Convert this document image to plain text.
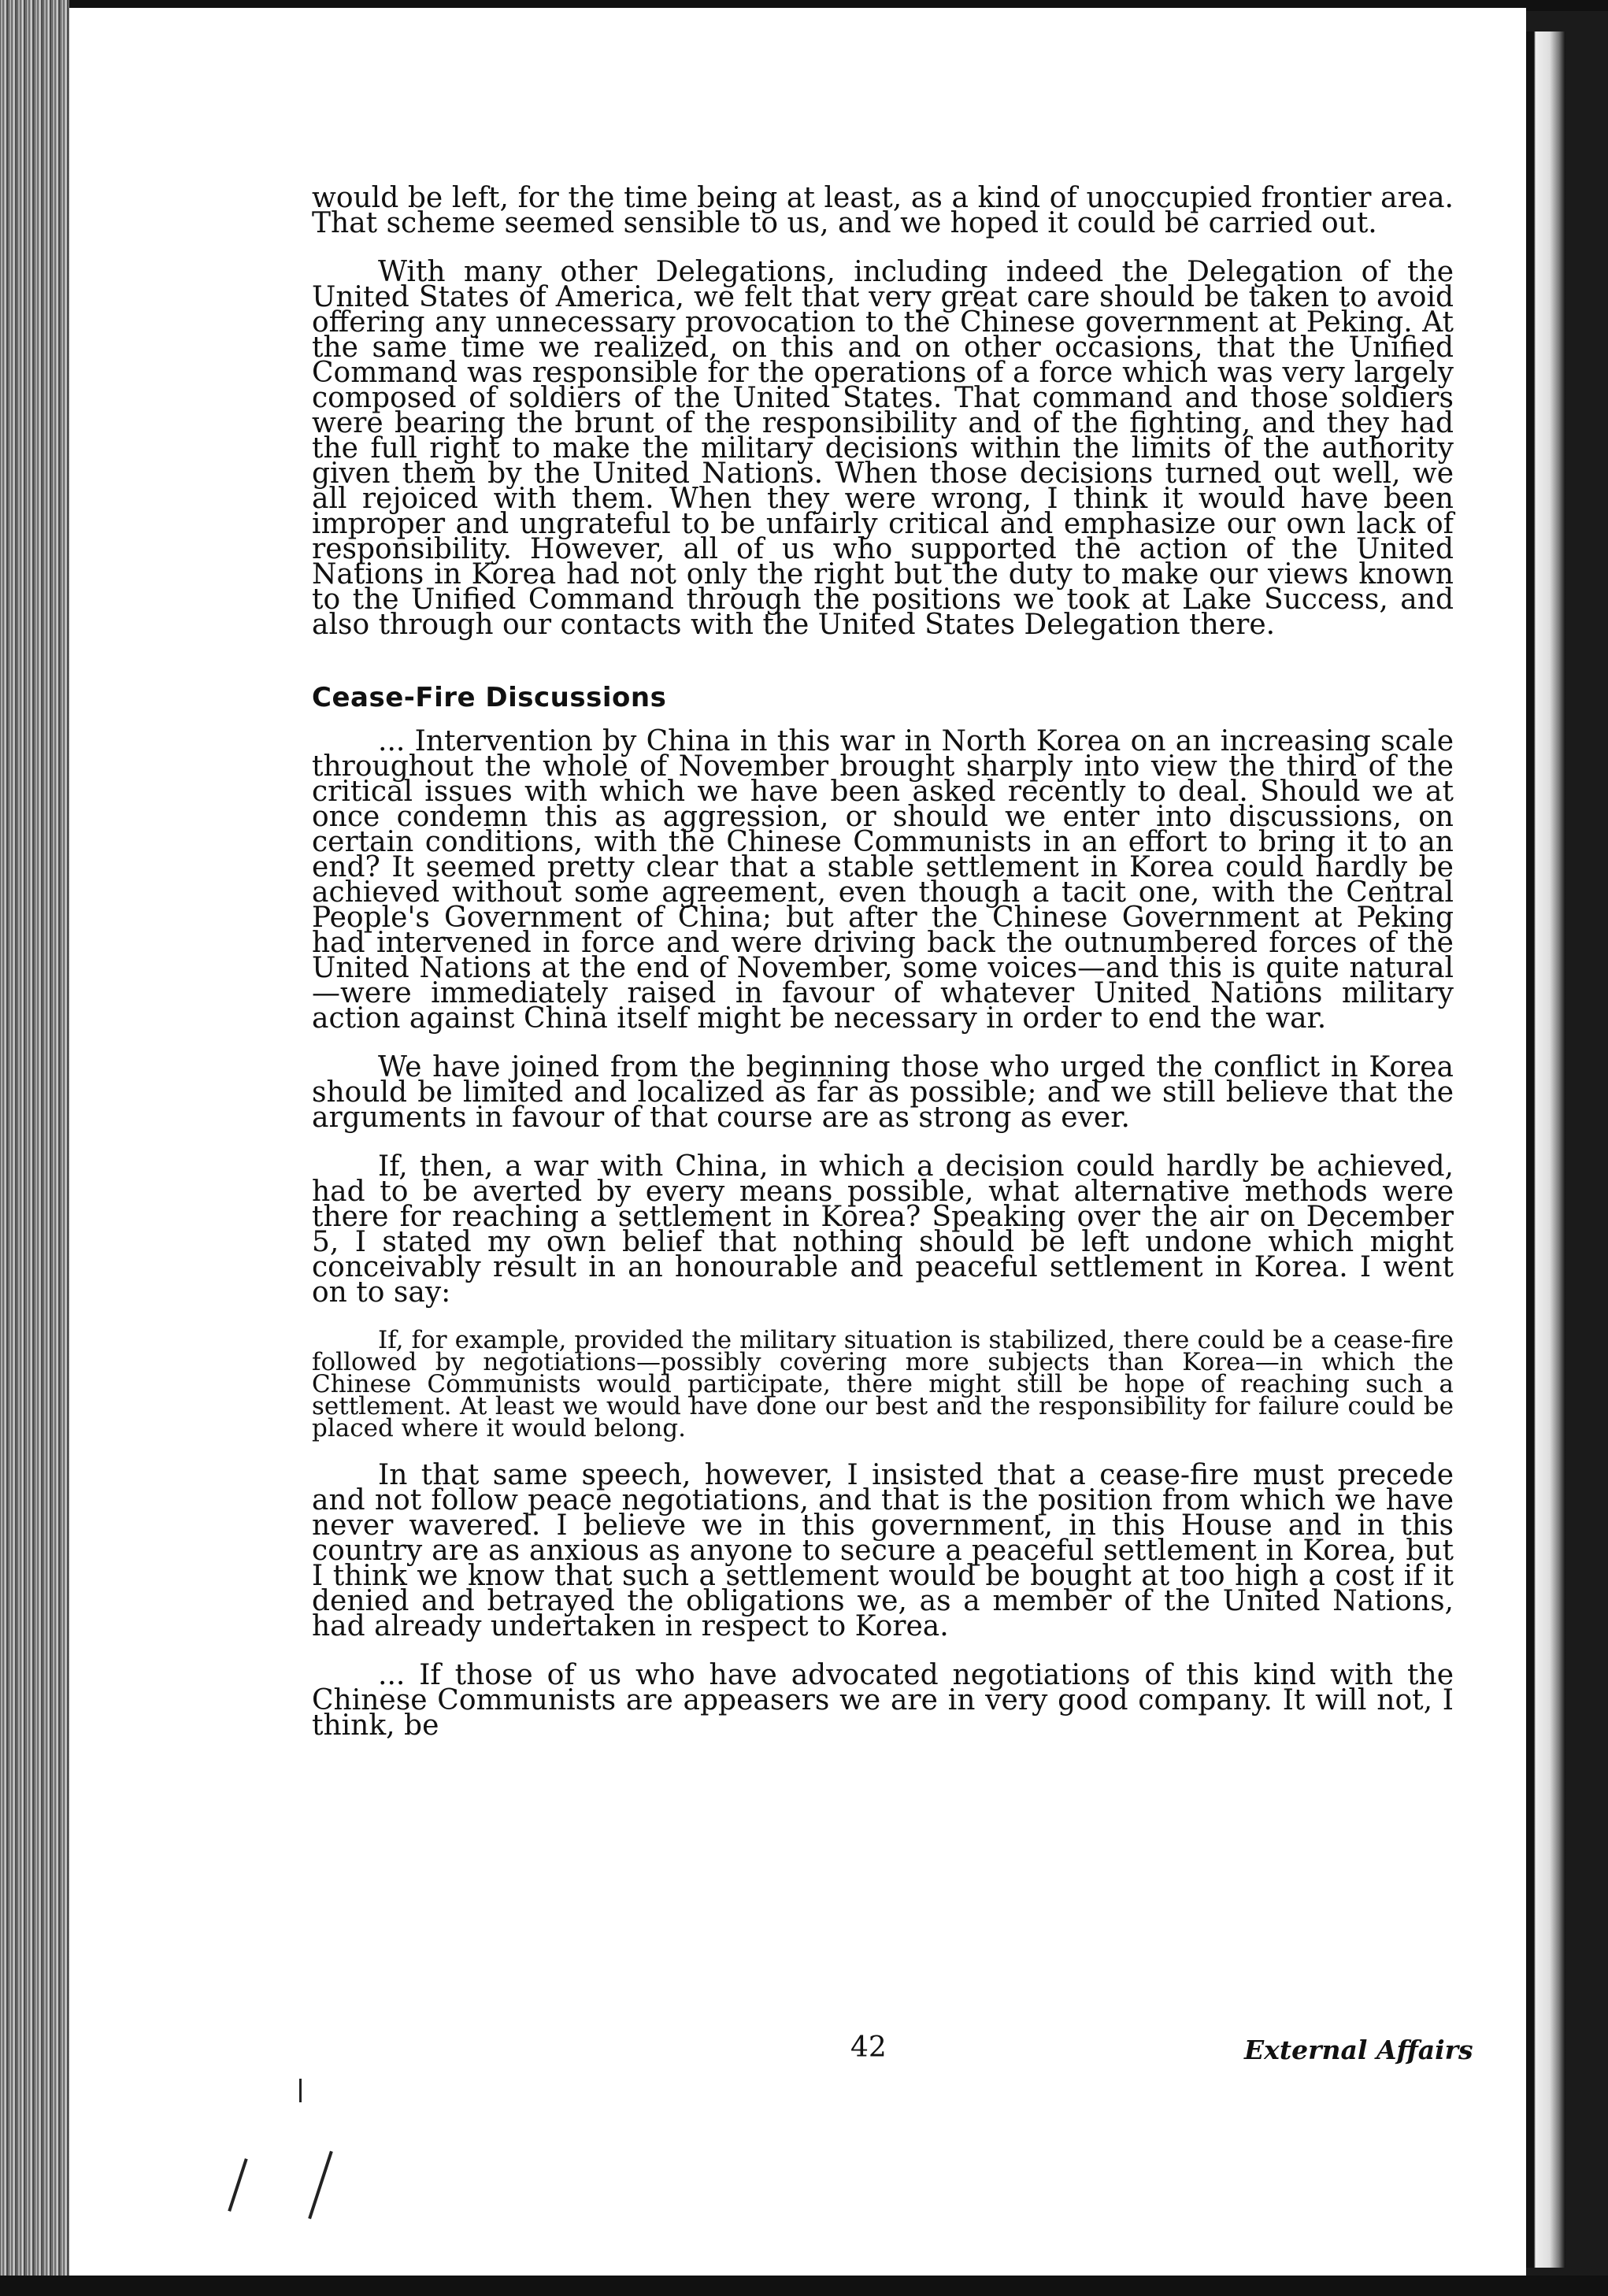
would be left, for the time being at least, as a kind of unoccupied frontier area. That scheme seemed sensible to us, and we hoped it could be carried out.

With many other Delegations, including indeed the Delegation of the United States of America, we felt that very great care should be taken to avoid offering any unnecessary provocation to the Chinese government at Peking. At the same time we realized, on this and on other occasions, that the Unified Command was responsible for the operations of a force which was very largely composed of soldiers of the United States. That command and those soldiers were bearing the brunt of the responsibility and of the fighting, and they had the full right to make the military decisions within the limits of the authority given them by the United Nations. When those decisions turned out well, we all rejoiced with them. When they were wrong, I think it would have been improper and ungrateful to be unfairly critical and emphasize our own lack of responsibility. However, all of us who supported the action of the United Nations in Korea had not only the right but the duty to make our views known to the Unified Command through the positions we took at Lake Success, and also through our contacts with the United States Delegation there.

Cease-Fire Discussions

... Intervention by China in this war in North Korea on an increasing scale throughout the whole of November brought sharply into view the third of the critical issues with which we have been asked recently to deal. Should we at once condemn this as aggression, or should we enter into discussions, on certain conditions, with the Chinese Communists in an effort to bring it to an end? It seemed pretty clear that a stable settlement in Korea could hardly be achieved without some agreement, even though a tacit one, with the Central People's Government of China; but after the Chinese Government at Peking had intervened in force and were driving back the outnumbered forces of the United Nations at the end of November, some voices—and this is quite natural—were immediately raised in favour of whatever United Nations military action against China itself might be necessary in order to end the war.

We have joined from the beginning those who urged the conflict in Korea should be limited and localized as far as possible; and we still believe that the arguments in favour of that course are as strong as ever.

If, then, a war with China, in which a decision could hardly be achieved, had to be averted by every means possible, what alternative methods were there for reaching a settlement in Korea? Speaking over the air on December 5, I stated my own belief that nothing should be left undone which might conceivably result in an honourable and peaceful settlement in Korea. I went on to say:

If, for example, provided the military situation is stabilized, there could be a cease-fire followed by negotiations—possibly covering more subjects than Korea—in which the Chinese Communists would participate, there might still be hope of reaching such a settlement. At least we would have done our best and the responsibility for failure could be placed where it would belong.

In that same speech, however, I insisted that a cease-fire must precede and not follow peace negotiations, and that is the position from which we have never wavered. I believe we in this government, in this House and in this country are as anxious as anyone to secure a peaceful settlement in Korea, but I think we know that such a settlement would be bought at too high a cost if it denied and betrayed the obligations we, as a member of the United Nations, had already undertaken in respect to Korea.

... If those of us who have advocated negotiations of this kind with the Chinese Communists are appeasers we are in very good company. It will not, I think, be

42	External Affairs
